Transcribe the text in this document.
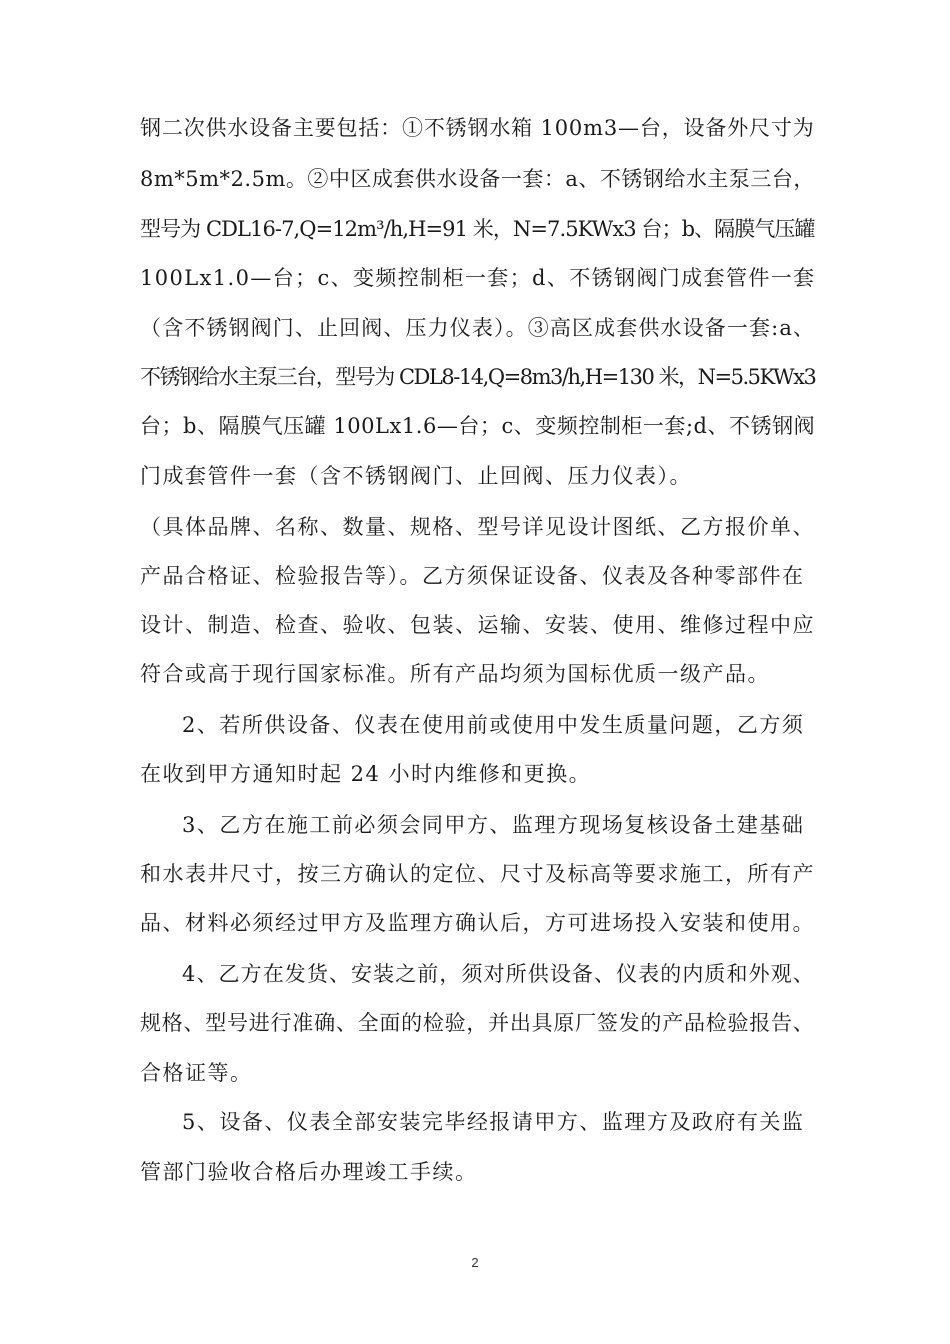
钢二次供水设备主要包括：①不锈钢水箱 100m3—台，设备外尺寸为
8m*5m*2.5m。②中区成套供水设备一套：a、不锈钢给水主泵三台，
型号为 CDL16-7,Q=12m³/h,H=91 米，N=7.5KWx3 台；b、隔膜气压罐
100Lx1.0—台；c、变频控制柜一套；d、不锈钢阀门成套管件一套
（含不锈钢阀门、止回阀、压力仪表）。③高区成套供水设备一套:a、
不锈钢给水主泵三台，型号为 CDL8-14,Q=8m3/h,H=130 米，N=5.5KWx3
台；b、隔膜气压罐 100Lx1.6—台；c、变频控制柜一套;d、不锈钢阀
门成套管件一套（含不锈钢阀门、止回阀、压力仪表）。
（具体品牌、名称、数量、规格、型号详见设计图纸、乙方报价单、
产品合格证、检验报告等）。乙方须保证设备、仪表及各种零部件在
设计、制造、检查、验收、包装、运输、安装、使用、维修过程中应
符合或高于现行国家标准。所有产品均须为国标优质一级产品。
2、若所供设备、仪表在使用前或使用中发生质量问题，乙方须
在收到甲方通知时起 24 小时内维修和更换。
3、乙方在施工前必须会同甲方、监理方现场复核设备土建基础
和水表井尺寸，按三方确认的定位、尺寸及标高等要求施工，所有产
品、材料必须经过甲方及监理方确认后，方可进场投入安装和使用。
4、乙方在发货、安装之前，须对所供设备、仪表的内质和外观、
规格、型号进行准确、全面的检验，并出具原厂签发的产品检验报告、
合格证等。
5、设备、仪表全部安装完毕经报请甲方、监理方及政府有关监
管部门验收合格后办理竣工手续。
2
